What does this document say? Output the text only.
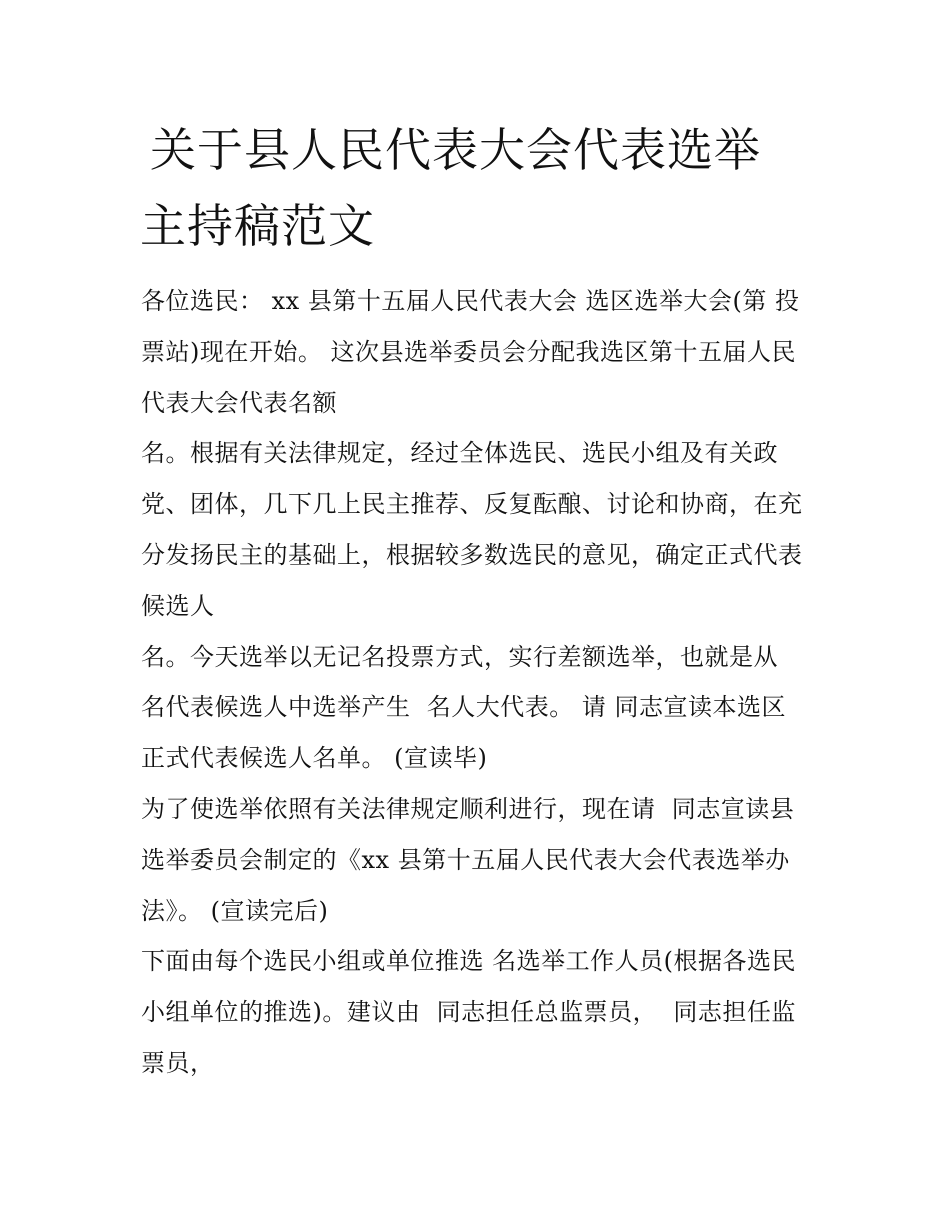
关于县人民代表大会代表选举
主持稿范文
各位选民： xx 县第十五届人民代表大会 选区选举大会(第 投
票站)现在开始。 这次县选举委员会分配我选区第十五届人民
代表大会代表名额
名。根据有关法律规定，经过全体选民、选民小组及有关政
党、团体，几下几上民主推荐、反复酝酿、讨论和协商，在充
分发扬民主的基础上，根据较多数选民的意见，确定正式代表
候选人
名。今天选举以无记名投票方式，实行差额选举，也就是从
名代表候选人中选举产生  名人大代表。 请 同志宣读本选区
正式代表候选人名单。 (宣读毕)
为了使选举依照有关法律规定顺利进行，现在请  同志宣读县
选举委员会制定的《xx 县第十五届人民代表大会代表选举办
法》。 (宣读完后)
下面由每个选民小组或单位推选 名选举工作人员(根据各选民
小组单位的推选)。建议由  同志担任总监票员，  同志担任监
票员，
